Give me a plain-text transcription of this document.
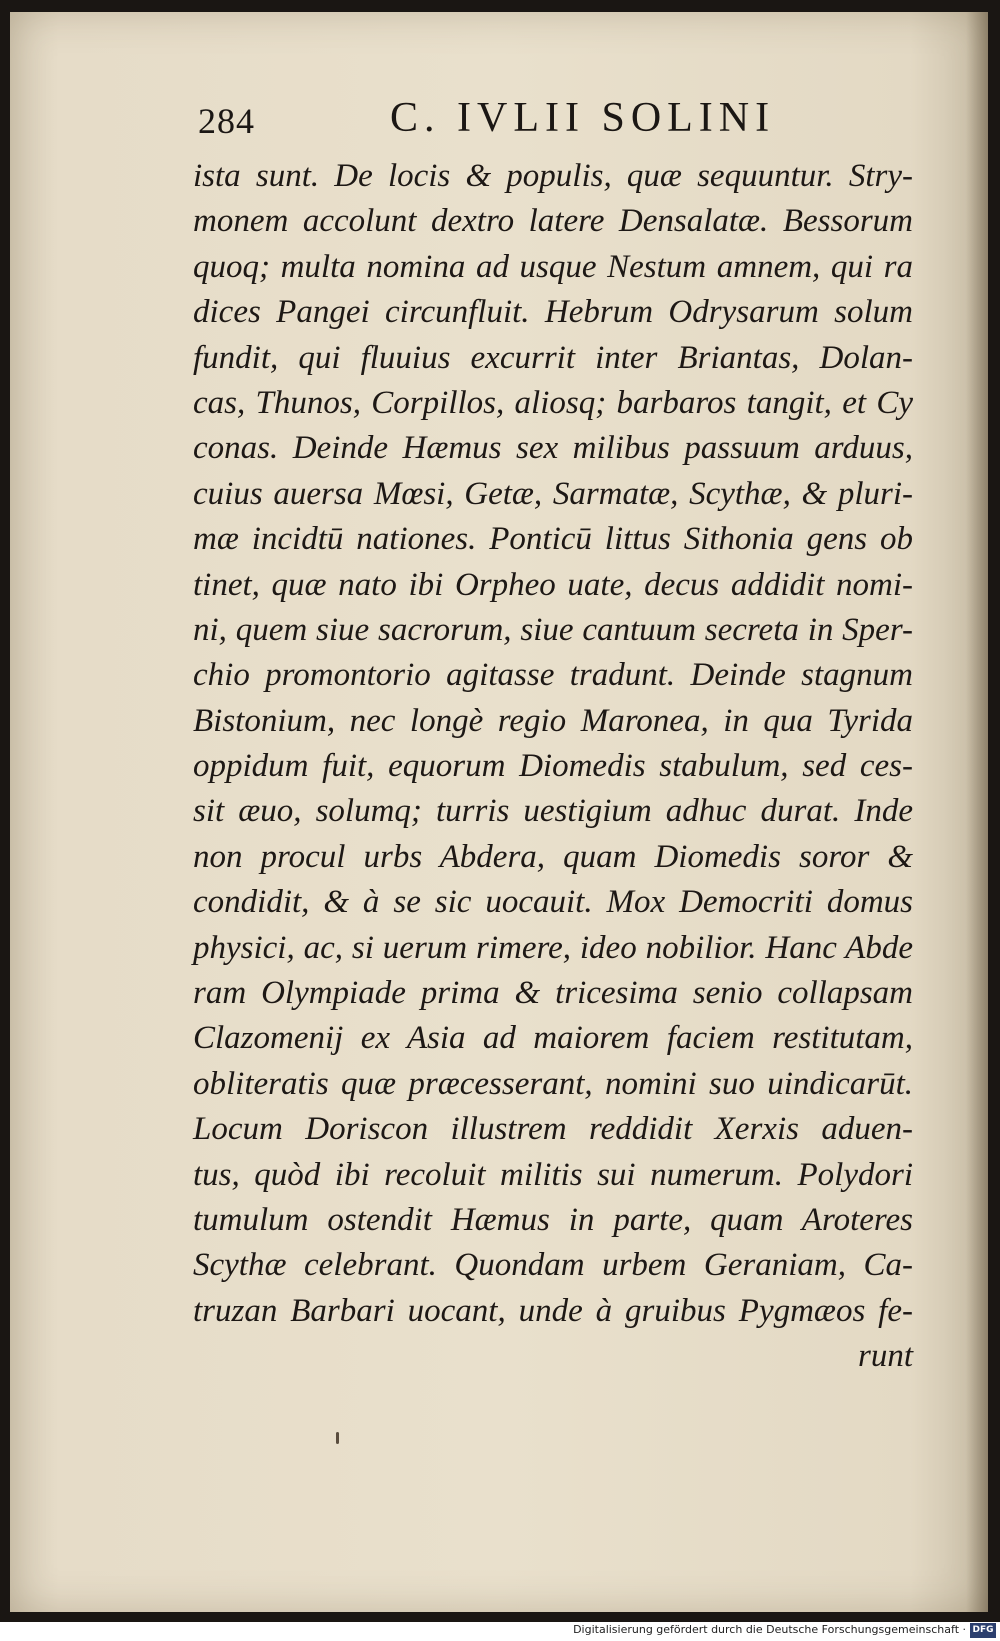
284	C. IVLII SOLINI
ista sunt. De locis & populis, quæ sequuntur. Stry-
monem accolunt dextro latere Densalatæ. Bessorum
quoq; multa nomina ad usque Nestum amnem, qui ra
dices Pangei circunfluit. Hebrum Odrysarum solum
fundit, qui fluuius excurrit inter Briantas, Dolan-
cas, Thunos, Corpillos, aliosq; barbaros tangit, et Cy
conas. Deinde Hæmus sex milibus passuum arduus,
cuius auersa Mœsi, Getæ, Sarmatæ, Scythæ, & pluri-
mæ incidtū nationes. Ponticū littus Sithonia gens ob
tinet, quæ nato ibi Orpheo uate, decus addidit nomi-
ni, quem siue sacrorum, siue cantuum secreta in Sper-
chio promontorio agitasse tradunt. Deinde stagnum
Bistonium, nec longè regio Maronea, in qua Tyrida
oppidum fuit, equorum Diomedis stabulum, sed ces-
sit æuo, solumq; turris uestigium adhuc durat. Inde
non procul urbs Abdera, quam Diomedis soror &
condidit, & à se sic uocauit. Mox Democriti domus
physici, ac, si uerum rimere, ideo nobilior. Hanc Abde
ram Olympiade prima & tricesima senio collapsam
Clazomenij ex Asia ad maiorem faciem restitutam,
obliteratis quæ præcesserant, nomini suo uindicarūt.
Locum Doriscon illustrem reddidit Xerxis aduen-
tus, quòd ibi recoluit militis sui numerum. Polydori
tumulum ostendit Hæmus in parte, quam Aroteres
Scythæ celebrant. Quondam urbem Geraniam, Ca-
truzan Barbari uocant, unde à gruibus Pygmæos fe-
runt
Digitalisierung gefördert durch die Deutsche Forschungsgemeinschaft · DFG
